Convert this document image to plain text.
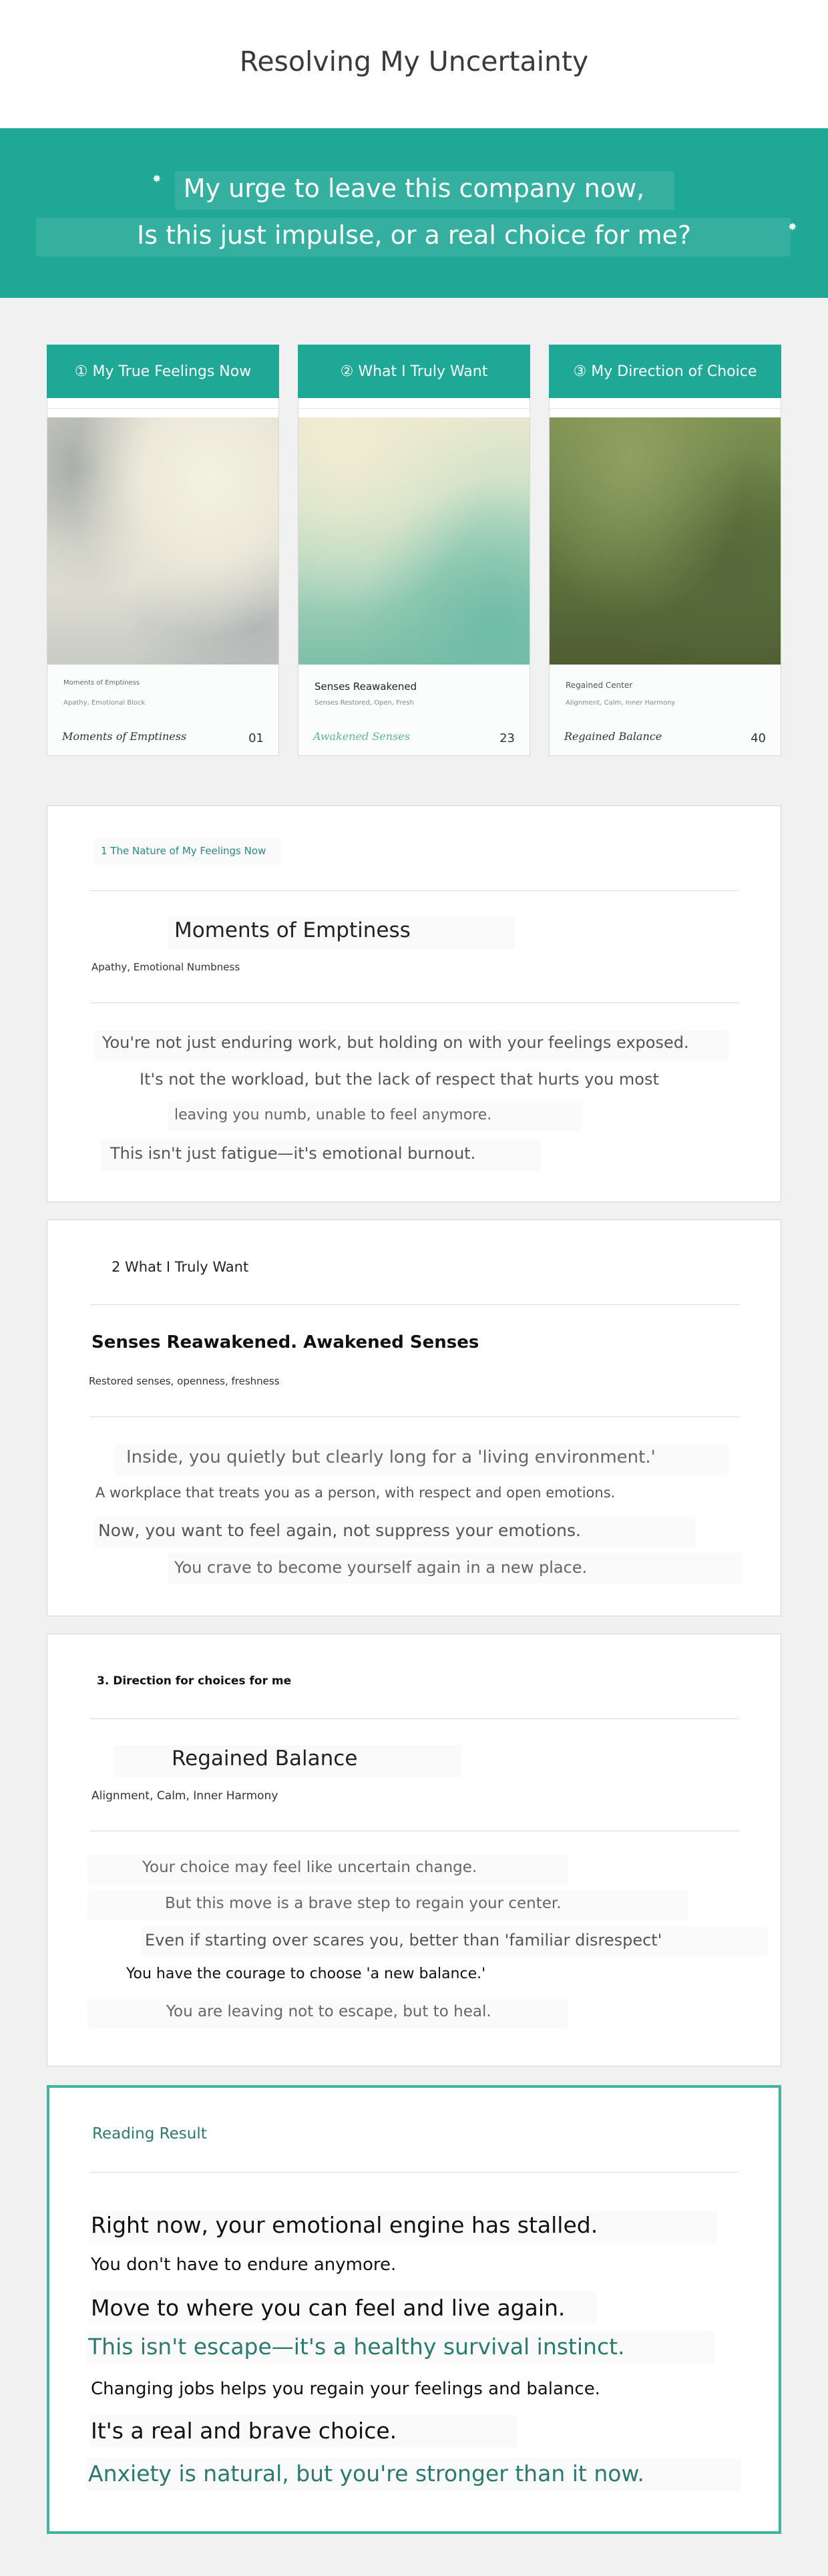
Resolving My Uncertainty
✸
✸
My urge to leave this company now,
Is this just impulse, or a real choice for me?
① My True Feelings Now
Moments of Emptiness
Apathy, Emotional Block
Moments of Emptiness	01
② What I Truly Want
Senses Reawakened
Senses Restored, Open, Fresh
Awakened Senses	23
③ My Direction of Choice
Regained Center
Alignment, Calm, Inner Harmony
Regained Balance	40
1 The Nature of My Feelings Now
Moments of Emptiness
Apathy, Emotional Numbness
You're not just enduring work, but holding on with your feelings exposed.
It's not the workload, but the lack of respect that hurts you most
leaving you numb, unable to feel anymore.
This isn't just fatigue—it's emotional burnout.
2 What I Truly Want
Senses Reawakened. Awakened Senses
Restored senses, openness, freshness
Inside, you quietly but clearly long for a 'living environment.'
A workplace that treats you as a person, with respect and open emotions.
Now, you want to feel again, not suppress your emotions.
You crave to become yourself again in a new place.
3. Direction for choices for me
Regained Balance
Alignment, Calm, Inner Harmony
Your choice may feel like uncertain change.
But this move is a brave step to regain your center.
Even if starting over scares you, better than 'familiar disrespect'
You have the courage to choose 'a new balance.'
You are leaving not to escape, but to heal.
Reading Result
Right now, your emotional engine has stalled.
You don't have to endure anymore.
Move to where you can feel and live again.
This isn't escape—it's a healthy survival instinct.
Changing jobs helps you regain your feelings and balance.
It's a real and brave choice.
Anxiety is natural, but you're stronger than it now.
